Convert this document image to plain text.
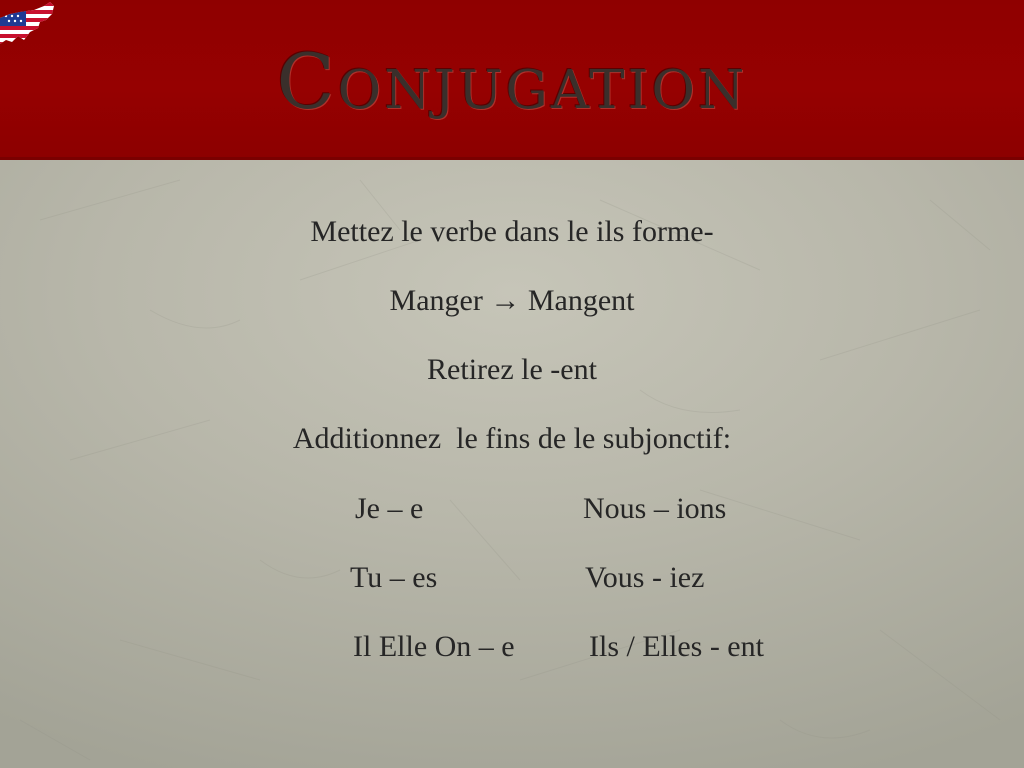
Conjugation
Mettez le verbe dans le ils forme-
Manger → Mangent
Retirez le -ent
Additionnez  le fins de le subjonctif:
Je – e	Nous – ions
Tu – es	Vous - iez
Il Elle On – e Ils / Elles - ent
